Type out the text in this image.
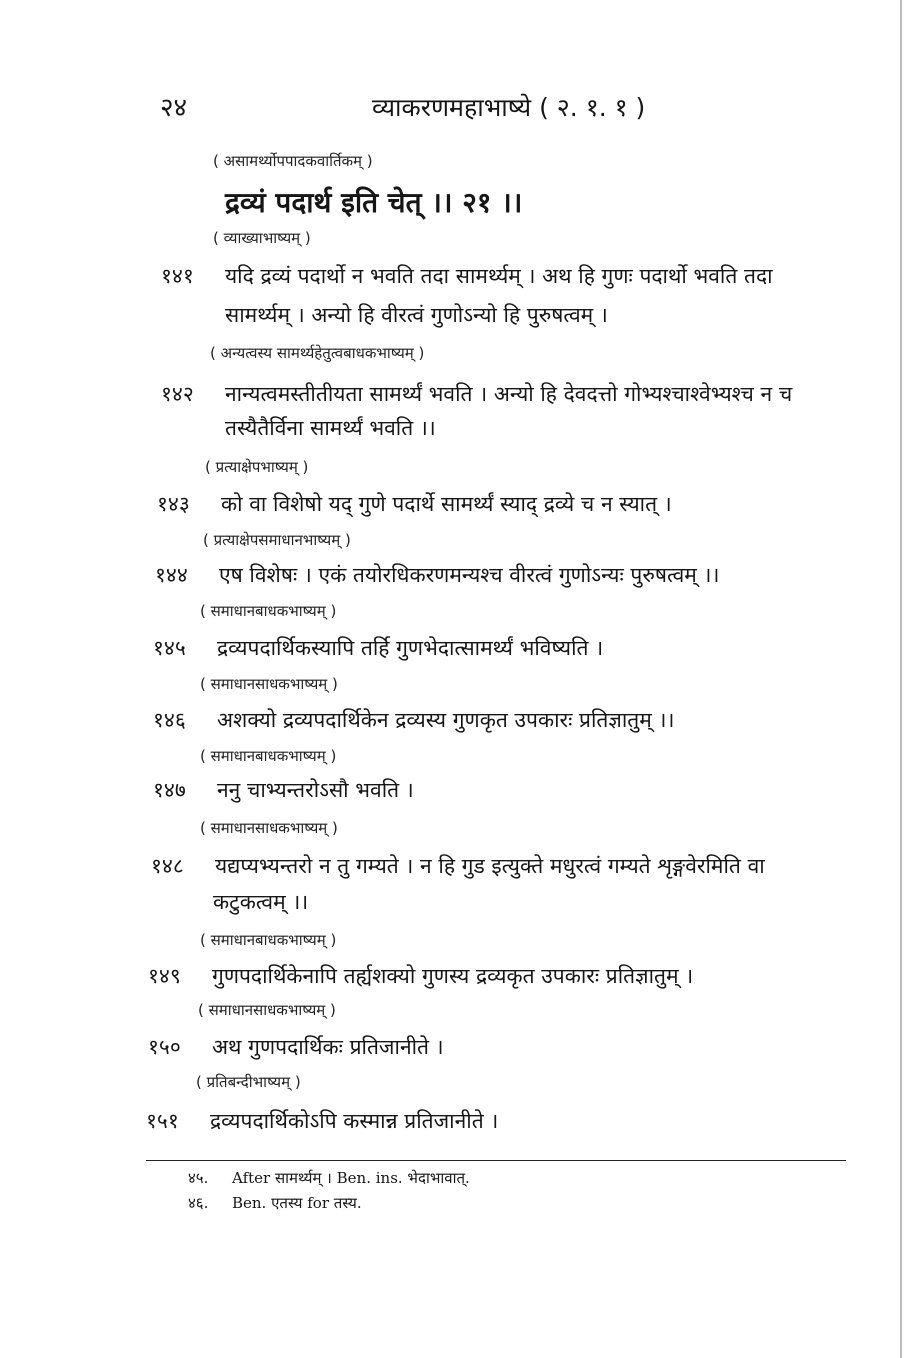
२४	व्याकरणमहाभाष्ये ( २. १. १ )
( असामर्थ्योपपादकवार्तिकम् )
द्रव्यं पदार्थ इति चेत् ।। २१ ।।
( व्याख्याभाष्यम् )
१४१ यदि द्रव्यं पदार्थो न भवति तदा सामर्थ्यम् । अथ हि गुणः पदार्थो भवति तदा
सामर्थ्यम् । अन्यो हि वीरत्वं गुणोऽन्यो हि पुरुषत्वम् ।
( अन्यत्वस्य सामर्थ्यहेतुत्वबाधकभाष्यम् )
१४२ नान्यत्वमस्तीतीयता सामर्थ्यं भवति । अन्यो हि देवदत्तो गोभ्यश्चाश्वेभ्यश्च न च
तस्यैतैर्विना सामर्थ्यं भवति ।।
( प्रत्याक्षेपभाष्यम् )
१४३ को वा विशेषो यद् गुणे पदार्थे सामर्थ्यं स्याद् द्रव्ये च न स्यात् ।
( प्रत्याक्षेपसमाधानभाष्यम् )
१४४ एष विशेषः । एकं तयोरधिकरणमन्यश्च वीरत्वं गुणोऽन्यः पुरुषत्वम् ।।
( समाधानबाधकभाष्यम् )
१४५ द्रव्यपदार्थिकस्यापि तर्हि गुणभेदात्सामर्थ्यं भविष्यति ।
( समाधानसाधकभाष्यम् )
१४६ अशक्यो द्रव्यपदार्थिकेन द्रव्यस्य गुणकृत उपकारः प्रतिज्ञातुम् ।।
( समाधानबाधकभाष्यम् )
१४७ ननु चाभ्यन्तरोऽसौ भवति ।
( समाधानसाधकभाष्यम् )
१४८ यद्यप्यभ्यन्तरो न तु गम्यते । न हि गुड इत्युक्ते मधुरत्वं गम्यते शृङ्गवेरमिति वा
कटुकत्वम् ।।
( समाधानबाधकभाष्यम् )
१४९ गुणपदार्थिकेनापि तर्ह्यशक्यो गुणस्य द्रव्यकृत उपकारः प्रतिज्ञातुम् ।
( समाधानसाधकभाष्यम् )
१५० अथ गुणपदार्थिकः प्रतिजानीते ।
( प्रतिबन्दीभाष्यम् )
१५१ द्रव्यपदार्थिकोऽपि कस्मान्न प्रतिजानीते ।
४५. After सामर्थ्यम् । Ben. ins. भेदाभावात्.
४६. Ben. एतस्य for तस्य.
